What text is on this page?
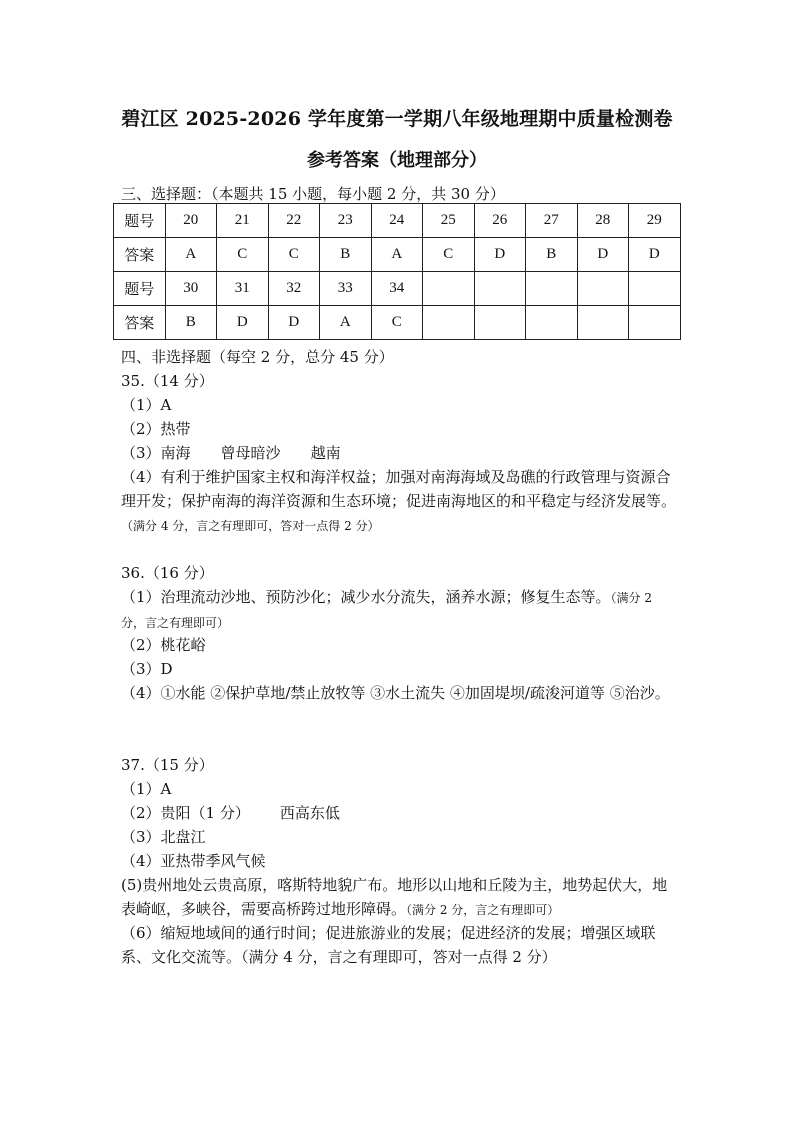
碧江区 2025-2026 学年度第一学期八年级地理期中质量检测卷
参考答案（地理部分）
三、选择题：（本题共 15 小题，每小题 2 分，共 30 分）
题号	20	21	22	23	24	25	26	27	28	29
答案	A	C	C	B	A	C	D	B	D	D
题号	30	31	32	33	34					
答案	B	D	D	A	C					
四、非选择题（每空 2 分，总分 45 分）
35.（14 分）
（1）A
（2）热带
（3）南海 曾母暗沙 越南
（4）有利于维护国家主权和海洋权益；加强对南海海域及岛礁的行政管理与资源合理开发；保护南海的海洋资源和生态环境；促进南海地区的和平稳定与经济发展等。（满分 4 分，言之有理即可，答对一点得 2 分）
36.（16 分）
（1）治理流动沙地、预防沙化；减少水分流失，涵养水源；修复生态等。（满分 2 分，言之有理即可）
（2）桃花峪
（3）D
（4）①水能 ②保护草地/禁止放牧等 ③水土流失 ④加固堤坝/疏浚河道等 ⑤治沙。
37.（15 分）
（1）A
（2）贵阳（1 分） 西高东低
（3）北盘江
（4）亚热带季风气候
(5)贵州地处云贵高原，喀斯特地貌广布。地形以山地和丘陵为主，地势起伏大，地表崎岖，多峡谷，需要高桥跨过地形障碍。（满分 2 分，言之有理即可）
（6）缩短地域间的通行时间；促进旅游业的发展；促进经济的发展；增强区域联系、文化交流等。（满分 4 分，言之有理即可，答对一点得 2 分）
